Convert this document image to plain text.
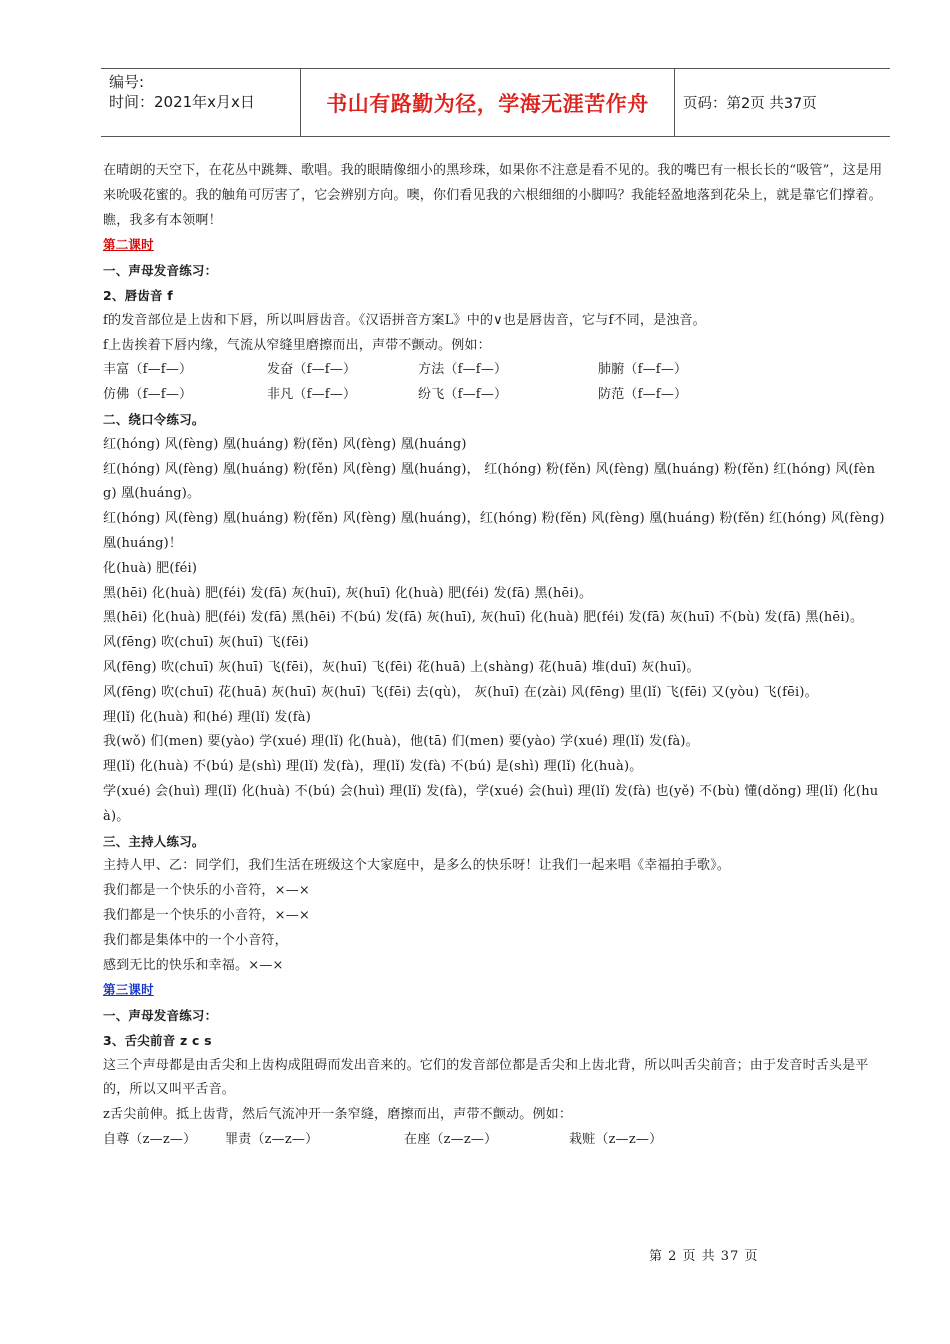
编号:
时间：2021年x月x日	书山有路勤为径，学海无涯苦作舟 页码：第2页 共37页
在晴朗的天空下，在花丛中跳舞、歌唱。我的眼睛像细小的黑珍珠，如果你不注意是看不见的。我的嘴巴有一根长长的“吸管”，这是用来吮吸花蜜的。我的触角可厉害了，它会辨别方向。噢，你们看见我的六根细细的小脚吗？我能轻盈地落到花朵上，就是靠它们撑着。瞧，我多有本领啊！
第二课时
一、声母发音练习：
2、唇齿音 f
f的发音部位是上齿和下唇，所以叫唇齿音。《汉语拼音方案L》中的∨也是唇齿音，它与f不同，是浊音。
f上齿挨着下唇内缘，气流从窄缝里磨擦而出，声带不颤动。例如：
丰富（f—f—）	发奋（f—f—）	方法（f—f—）	肺腑（f—f—）
仿佛（f—f—）	非凡（f—f—）	纷飞（f—f—）	防范（f—f—）
二、绕口令练习。
红(hóng) 风(fèng) 凰(huáng) 粉(fěn) 风(fèng) 凰(huáng)
红(hóng) 风(fèng) 凰(huáng) 粉(fěn) 风(fèng) 凰(huáng)， 红(hóng) 粉(fěn) 风(fèng) 凰(huáng) 粉(fěn) 红(hóng) 风(fèng) 凰(huáng)。
红(hóng) 风(fèng) 凰(huáng) 粉(fěn) 风(fèng) 凰(huáng)，红(hóng) 粉(fěn) 风(fèng) 凰(huáng) 粉(fěn) 红(hóng) 风(fèng) 凰(huáng)！
化(huà) 肥(féi)
黑(hēi) 化(huà) 肥(féi) 发(fā) 灰(huī), 灰(huī) 化(huà) 肥(féi) 发(fā) 黑(hēi)。
黑(hēi) 化(huà) 肥(féi) 发(fā) 黑(hēi) 不(bú) 发(fā) 灰(huī), 灰(huī) 化(huà) 肥(féi) 发(fā) 灰(huī) 不(bù) 发(fā) 黑(hēi)。
风(fēng) 吹(chuī) 灰(huī) 飞(fēi)
风(fēng) 吹(chuī) 灰(huī) 飞(fēi)，灰(huī) 飞(fēi) 花(huā) 上(shàng) 花(huā) 堆(duī) 灰(huī)。
风(fēng) 吹(chuī) 花(huā) 灰(huī) 灰(huī) 飞(fēi) 去(qù)， 灰(huī) 在(zài) 风(fēng) 里(lǐ) 飞(fēi) 又(yòu) 飞(fēi)。
理(lǐ) 化(huà) 和(hé) 理(lǐ) 发(fà)
我(wǒ) 们(men) 要(yào) 学(xué) 理(lǐ) 化(huà)，他(tā) 们(men) 要(yào) 学(xué) 理(lǐ) 发(fà)。
理(lǐ) 化(huà) 不(bú) 是(shì) 理(lǐ) 发(fà)，理(lǐ) 发(fà) 不(bú) 是(shì) 理(lǐ) 化(huà)。
学(xué) 会(huì) 理(lǐ) 化(huà) 不(bú) 会(huì) 理(lǐ) 发(fà)，学(xué) 会(huì) 理(lǐ) 发(fà) 也(yě) 不(bù) 懂(dǒng) 理(lǐ) 化(huà)。
三、主持人练习。
主持人甲、乙：同学们，我们生活在班级这个大家庭中，是多么的快乐呀！让我们一起来唱《幸福拍手歌》。
我们都是一个快乐的小音符，×—×
我们都是一个快乐的小音符，×—×
我们都是集体中的一个小音符，
感到无比的快乐和幸福。×—×
第三课时
一、声母发音练习：
3、舌尖前音 z c s
这三个声母都是由舌尖和上齿构成阻碍而发出音来的。它们的发音部位都是舌尖和上齿北背，所以叫舌尖前音；由于发音时舌头是平的，所以又叫平舌音。
z舌尖前伸。抵上齿背，然后气流冲开一条窄缝，磨擦而出，声带不颤动。例如：
自尊（z—z—）	罪责（z—z—）	在座（z—z—）	栽赃（z—z—）
第 2 页 共 37 页
